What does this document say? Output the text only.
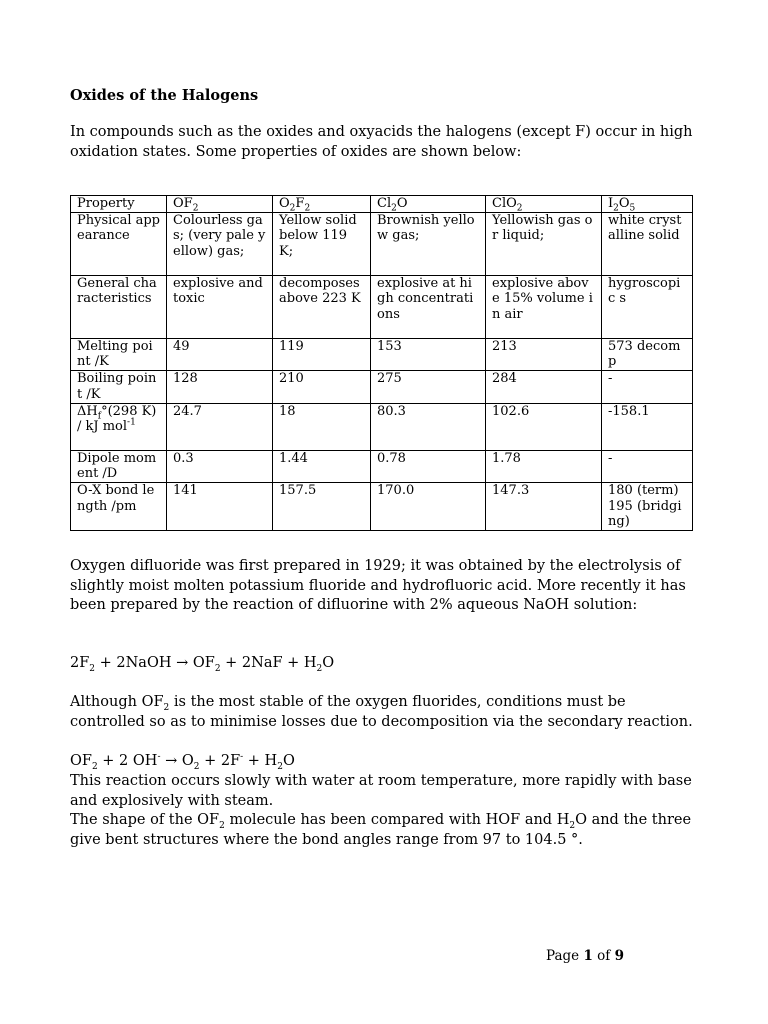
Oxides of the Halogens
In compounds such as the oxides and oxyacids the halogens (except F) occur in high oxidation states. Some properties of oxides are shown below:
Property	$OF_2$	$O_2F_2$	$Cl_2O$	ClO$_2$	$I_2O_5$
Physical appearance	Colourless gas; (very pale yellow) gas;	Yellow solid below 119 K;	Brownish yellow gas;	Yellowish gas or liquid;	white crystalline solid
General characteristics	explosive and toxic	decomposes above 223 K	explosive at high concentrations	explosive above 15% volume in air	hygroscopic s
Melting point /K	49	119	153	213	573 decomp
Boiling point /K	128	210	275	284	-
$\Delta H_f^\circ(298$ K) / kJ mol$^{-1}$	24.7	18	80.3	102.6	-158.1
Dipole moment /D	0.3	1.44	0.78	1.78	-
O-X bond length /pm	141	157.5	170.0	147.3	180 (term) 195 (bridging)
Oxygen difluoride was first prepared in 1929; it was obtained by the electrolysis of slightly moist molten potassium fluoride and hydrofluoric acid. More recently it has been prepared by the reaction of difluorine with 2% aqueous NaOH solution:
$2F_2$ + 2NaOH → $OF_2 + 2NaF + H_2O$
Although $OF_2$ is the most stable of the oxygen fluorides, conditions must be controlled so as to minimise losses due to decomposition via the secondary reaction.
$OF_2 + 2$ $OH^- \to O_2 + 2F^- + H_2O$
This reaction occurs slowly with water at room temperature, more rapidly with base and explosively with steam.
The shape of the $OF_2$ molecule has been compared with HOF and $H_2O$ and the three give bent structures where the bond angles range from 97 to 104.5 °.
Page 1 of 9
